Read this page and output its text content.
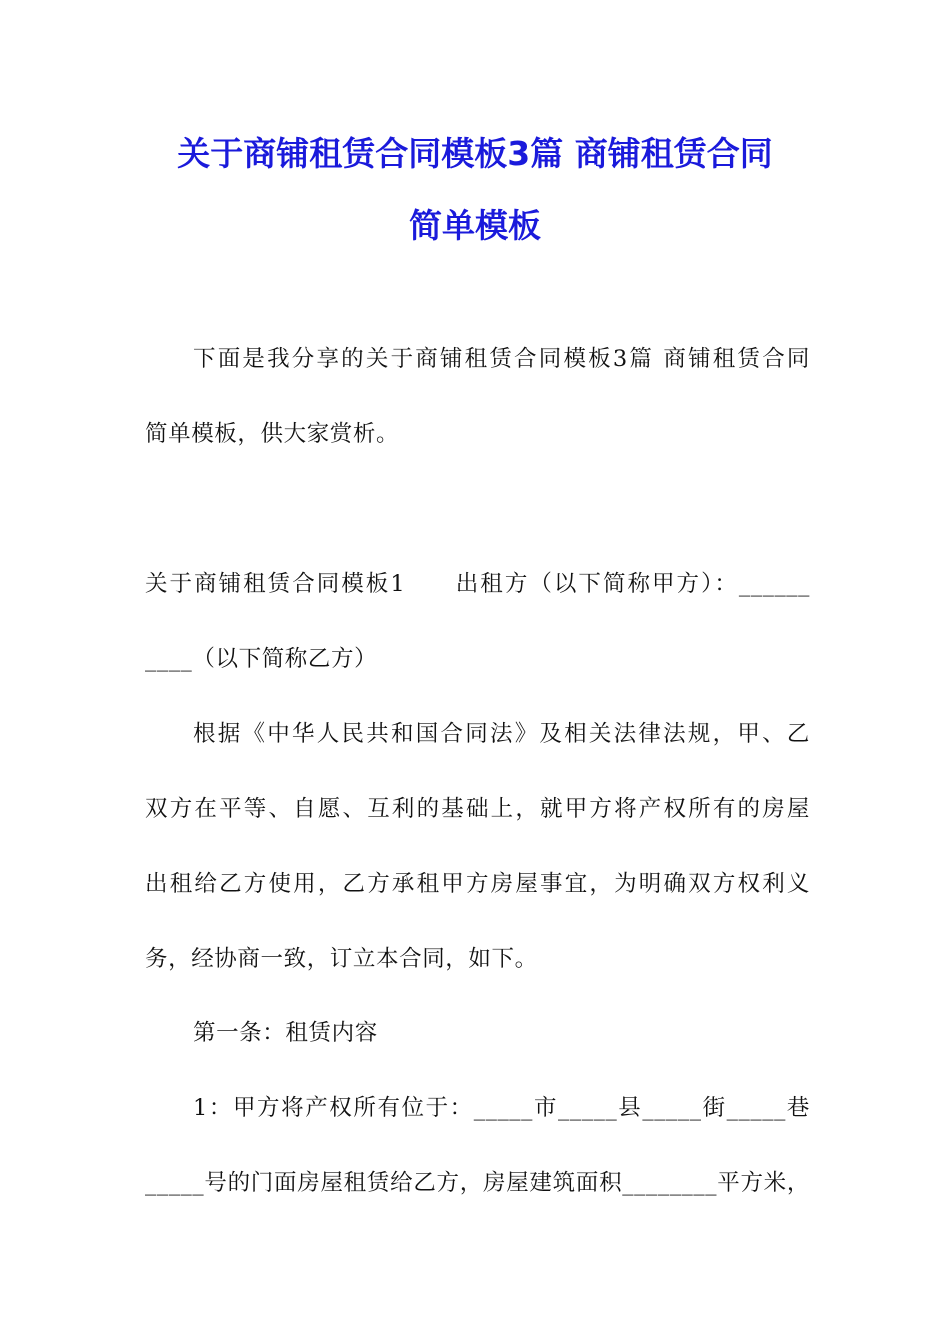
关于商铺租赁合同模板3篇 商铺租赁合同
简单模板
下面是我分享的关于商铺租赁合同模板3篇 商铺租赁合同
简单模板，供大家赏析。
关于商铺租赁合同模板1　　出租方（以下简称甲方）：______
____（以下简称乙方）
根据《中华人民共和国合同法》及相关法律法规，甲、乙
双方在平等、自愿、互利的基础上，就甲方将产权所有的房屋
出租给乙方使用，乙方承租甲方房屋事宜，为明确双方权利义
务，经协商一致，订立本合同，如下。
第一条：租赁内容
1：甲方将产权所有位于：_____市_____县_____街_____巷
_____号的门面房屋租赁给乙方，房屋建筑面积________平方米，
